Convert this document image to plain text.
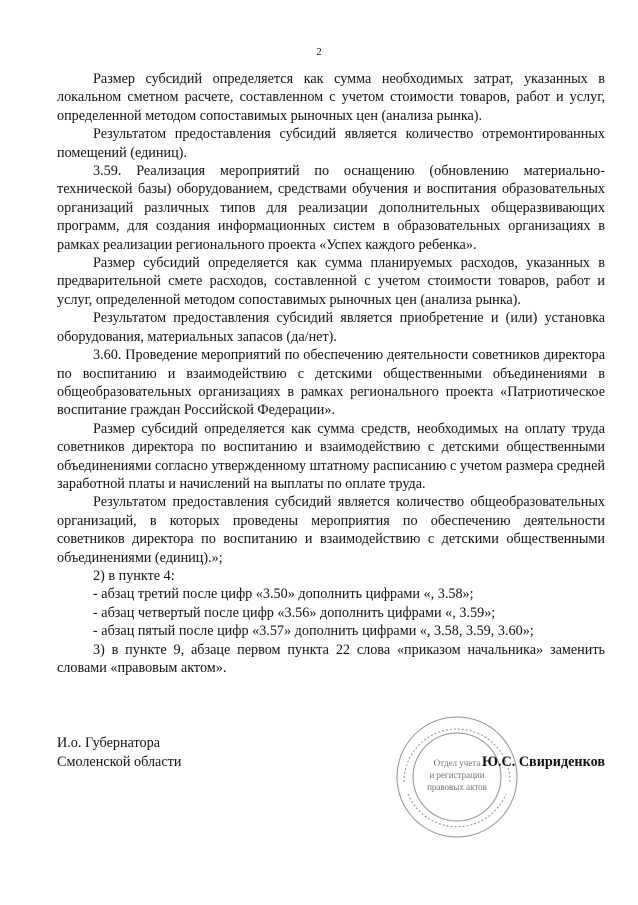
2

Размер субсидий определяется как сумма необходимых затрат, указанных в локальном сметном расчете, составленном с учетом стоимости товаров, работ и услуг, определенной методом сопоставимых рыночных цен (анализа рынка).

Результатом предоставления субсидий является количество отремонтированных помещений (единиц).

3.59. Реализация мероприятий по оснащению (обновлению материально-технической базы) оборудованием, средствами обучения и воспитания образовательных организаций различных типов для реализации дополнительных общеразвивающих программ, для создания информационных систем в образовательных организациях в рамках реализации регионального проекта «Успех каждого ребенка».

Размер субсидий определяется как сумма планируемых расходов, указанных в предварительной смете расходов, составленной с учетом стоимости товаров, работ и услуг, определенной методом сопоставимых рыночных цен (анализа рынка).

Результатом предоставления субсидий является приобретение и (или) установка оборудования, материальных запасов (да/нет).

3.60. Проведение мероприятий по обеспечению деятельности советников директора по воспитанию и взаимодействию с детскими общественными объединениями в общеобразовательных организациях в рамках регионального проекта «Патриотическое воспитание граждан Российской Федерации».

Размер субсидий определяется как сумма средств, необходимых на оплату труда советников директора по воспитанию и взаимодействию с детскими общественными объединениями согласно утвержденному штатному расписанию с учетом размера средней заработной платы и начислений на выплаты по оплате труда.

Результатом предоставления субсидий является количество общеобразовательных организаций, в которых проведены мероприятия по обеспечению деятельности советников директора по воспитанию и взаимодействию с детскими общественными объединениями (единиц).»;

2) в пункте 4:

- абзац третий после цифр «3.50» дополнить цифрами «, 3.58»;

- абзац четвертый после цифр «3.56» дополнить цифрами «, 3.59»;

- абзац пятый после цифр «3.57» дополнить цифрами «, 3.58, 3.59, 3.60»;

3) в пункте 9, абзаце первом пункта 22 слова «приказом начальника» заменить словами «правовым актом».

И.о. Губернатора
Смоленской области	Ю.С. Свириденков
Отдел учета
и регистрации
правовых актов
